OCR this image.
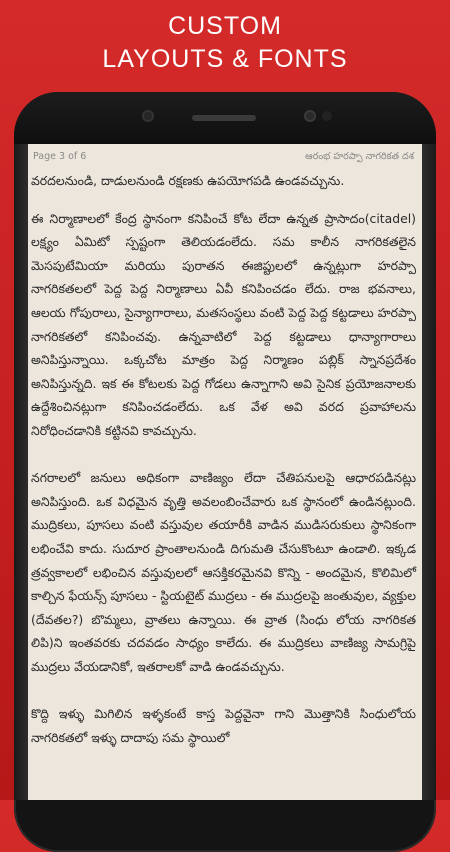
CUSTOM
LAYOUTS & FONTS
Page 3 of 6	ఆరంభ హరప్పా నాగరికత దశ

వరదలనుండి, దాడులనుండి రక్షణకు ఉపయోగపడి ఉండవచ్చును.

ఈ నిర్మాణాలలో కేంద్ర స్థానంగా కనిపించే కోట లేదా ఉన్నత ప్రాసాదం(citadel) లక్ష్యం ఏమిటో స్పష్టంగా తెలియడంలేదు. సమ కాలీన నాగరికతలైన మెసపుటేమియా మరియు పురాతన ఈజిప్టులలో ఉన్నట్లుగా హరప్పా నాగరికతలలో పెద్ద పెద్ద నిర్మాణాలు ఏవీ కనిపించడం లేదు. రాజ భవనాలు, ఆలయ గోపురాలు, సైన్యాగారాలు, మతసంస్థలు వంటి పెద్ద పెద్ద కట్టడాలు హరప్పా నాగరికతలో కనిపించవు. ఉన్నవాటిలో పెద్ద కట్టడాలు ధాన్యాగారాలు అనిపిస్తున్నాయి. ఒక్కచోట మాత్రం పెద్ద నిర్మాణం పబ్లిక్ స్నానప్రదేశం అనిపిస్తున్నది. ఇక ఈ కోటలకు పెద్ద గోడలు ఉన్నాగాని అవి సైనిక ప్రయోజనాలకు ఉద్దేశించినట్లుగా కనిపించడంలేదు. ఒక వేళ అవి వరద ప్రవాహాలను నిరోధించడానికి కట్టినవి కావచ్చును.

నగరాలలో జనులు అధికంగా వాణిజ్యం లేదా చేతిపనులపై ఆధారపడినట్లు అనిపిస్తుంది. ఒక విధమైన వృత్తి అవలంబించేవారు ఒక స్థానంలో ఉండినట్లుంది. ముద్రికలు, పూసలు వంటి వస్తువుల తయారీకి వాడిన ముడిసరుకులు స్థానికంగా లభించేవి కాదు. సుదూర ప్రాంతాలనుండి దిగుమతి చేసుకొంటూ ఉండాలి. ఇక్కడ త్రవ్వకాలలో లభించిన వస్తువులలో ఆసక్తికరమైనవి కొన్ని - అందమైన, కొలిమిలో కాల్చిన ఫేయన్స్ పూసలు - స్టియటైట్ ముద్రలు - ఈ ముద్రలపై జంతువుల, వ్యక్తుల (దేవతల?) బొమ్మలు, వ్రాతలు ఉన్నాయి. ఈ వ్రాత (సింధు లోయ నాగరికత లిపి)ని ఇంతవరకు చదవడం సాధ్యం కాలేదు. ఈ ముద్రికలు వాణిజ్య సామగ్రిపై ముద్రలు వేయడానికో, ఇతరాలకో వాడి ఉండవచ్చును.

కొద్ది ఇళ్ళు మిగిలిన ఇళ్ళకంటే కాస్త పెద్దవైనా గాని మొత్తానికి సింధులోయ నాగరికతలో ఇళ్ళు దాదాపు సమ స్థాయిలో
